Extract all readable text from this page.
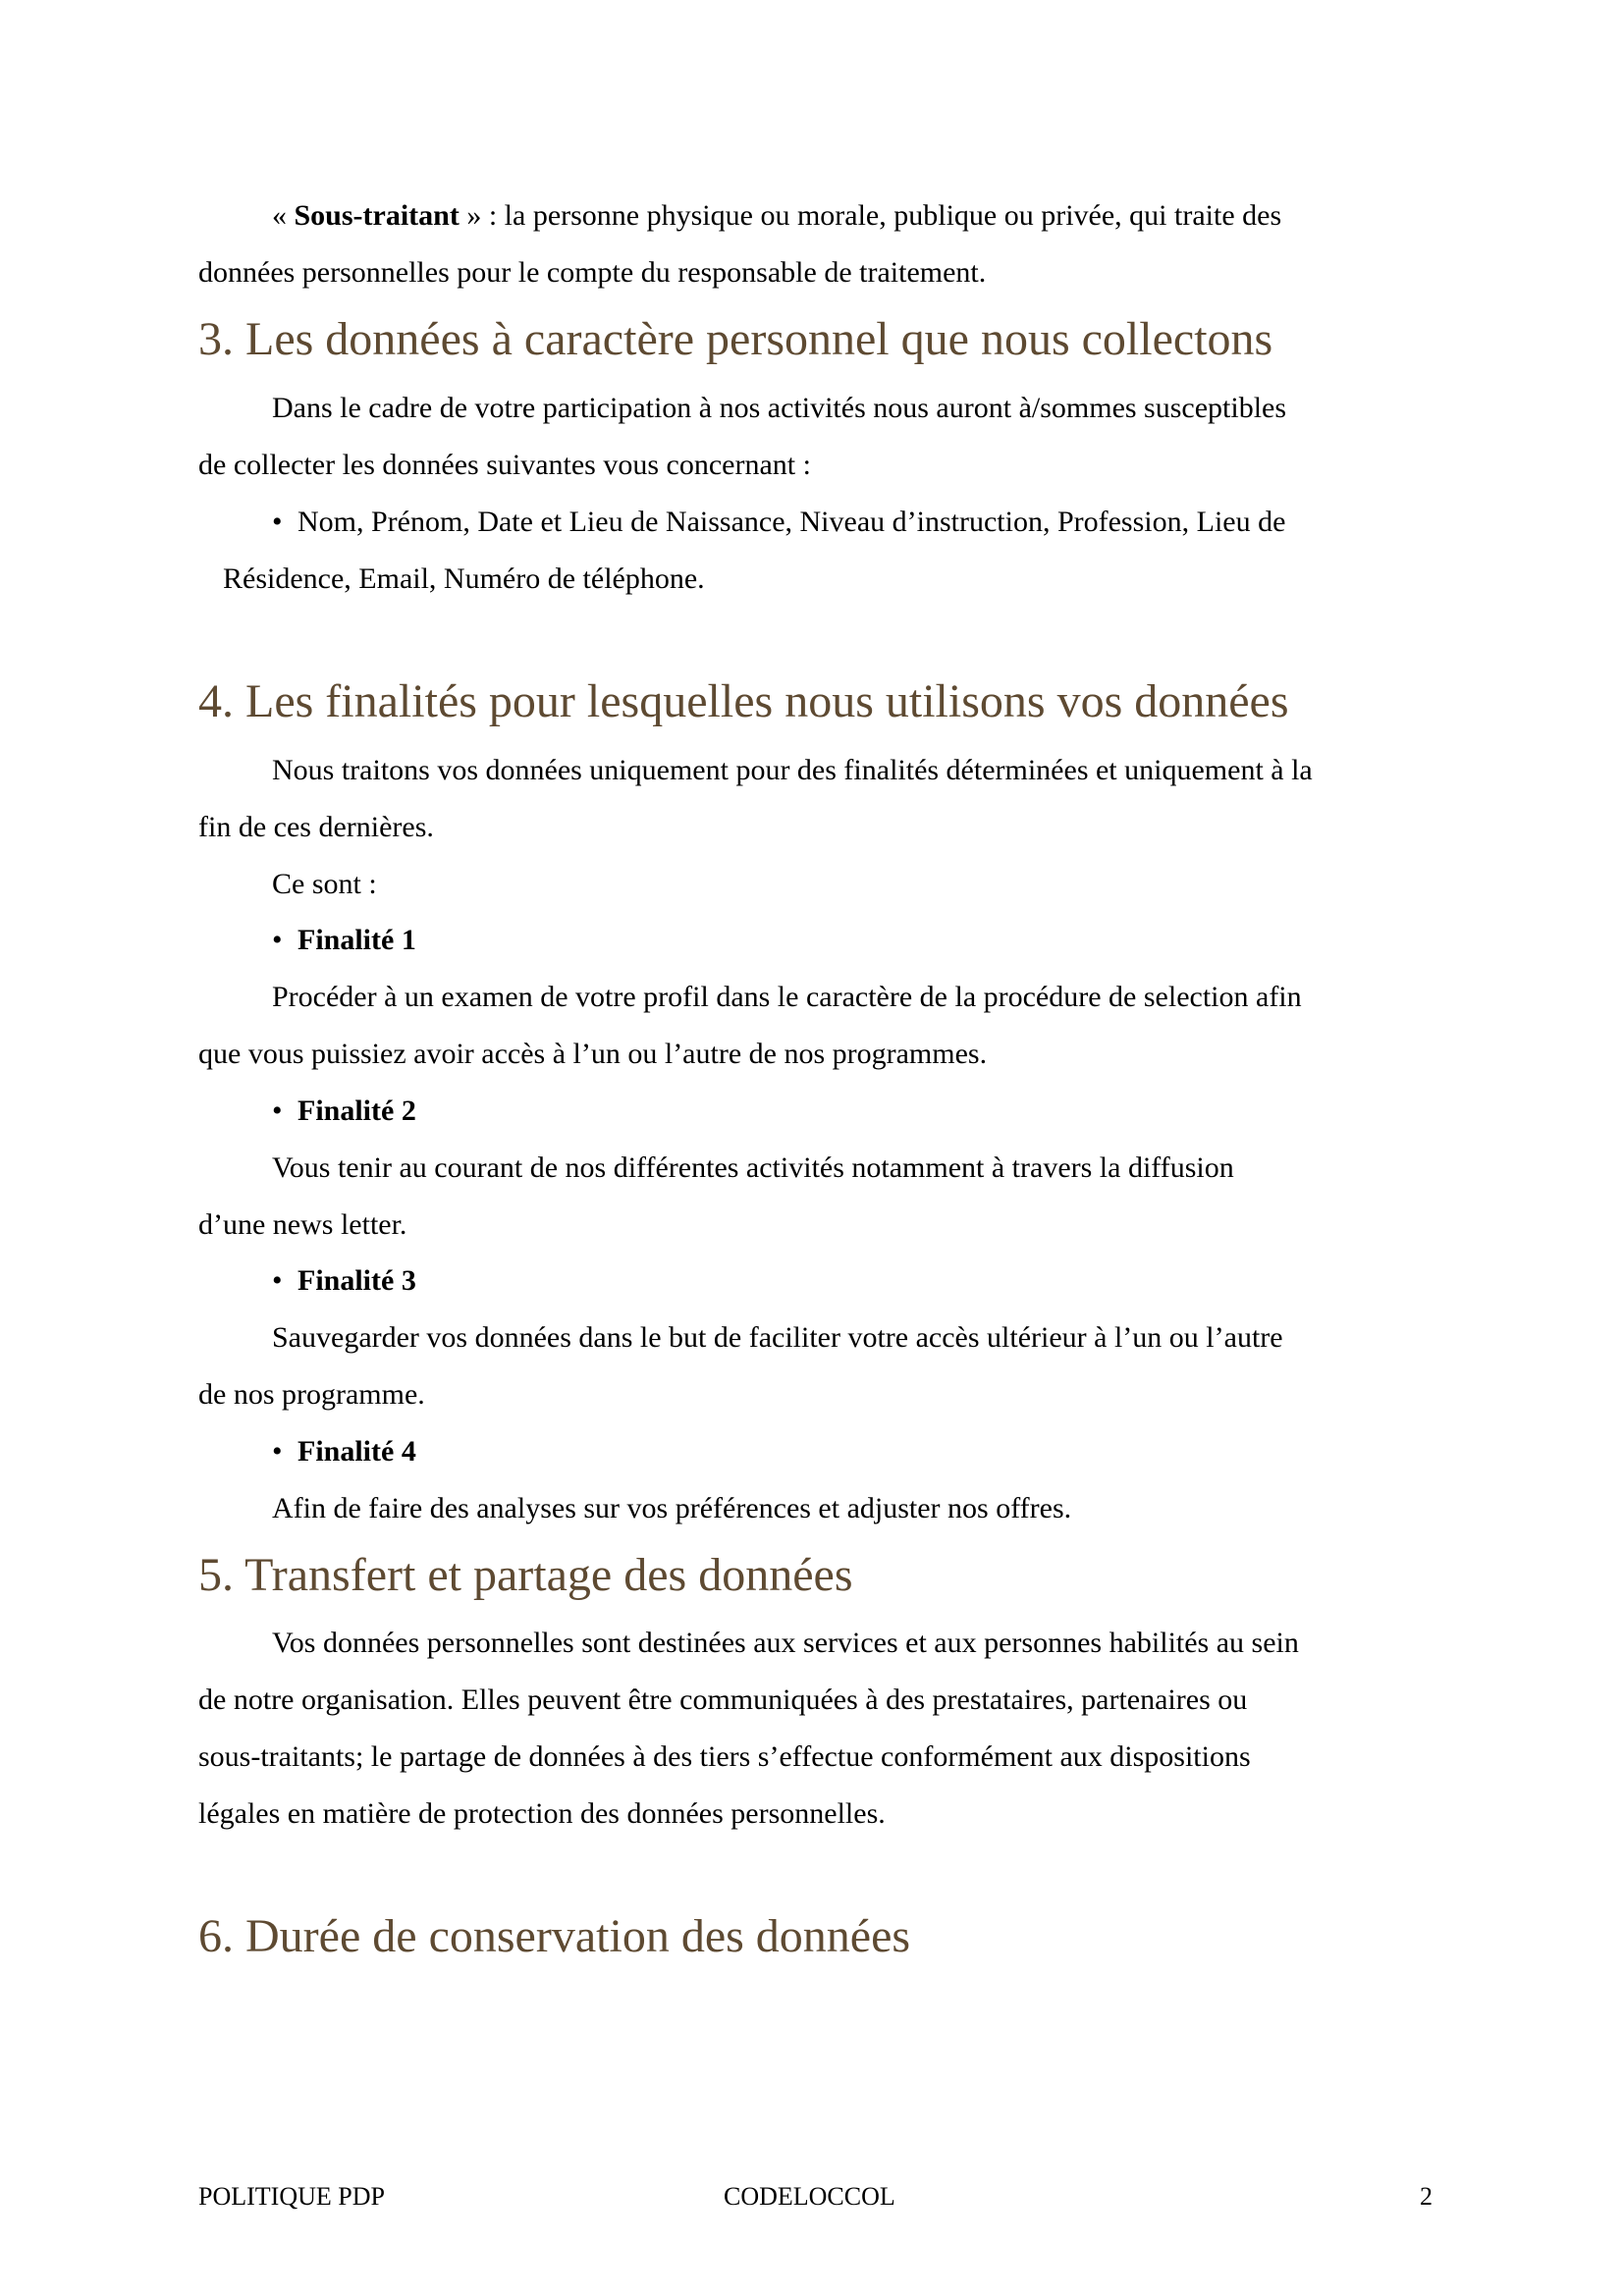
« Sous-traitant » : la personne physique ou morale, publique ou privée, qui traite des
données personnelles pour le compte du responsable de traitement.
3. Les données à caractère personnel que nous collectons
Dans le cadre de votre participation à nos activités nous auront à/sommes susceptibles
de collecter les données suivantes vous concernant :
• Nom, Prénom, Date et Lieu de Naissance, Niveau d’instruction, Profession, Lieu de
Résidence, Email, Numéro de téléphone.
4. Les finalités pour lesquelles nous utilisons vos données
Nous traitons vos données uniquement pour des finalités déterminées et uniquement à la
fin de ces dernières.
Ce sont :
• Finalité 1
Procéder à un examen de votre profil dans le caractère de la procédure de selection afin
que vous puissiez avoir accès à l’un ou l’autre de nos programmes.
• Finalité 2
Vous tenir au courant de nos différentes activités notamment à travers la diffusion
d’une news letter.
• Finalité 3
Sauvegarder vos données dans le but de faciliter votre accès ultérieur à l’un ou l’autre
de nos programme.
• Finalité 4
Afin de faire des analyses sur vos préférences et adjuster nos offres.
5. Transfert et partage des données
Vos données personnelles sont destinées aux services et aux personnes habilités au sein
de notre organisation. Elles peuvent être communiquées à des prestataires, partenaires ou
sous-traitants; le partage de données à des tiers s’effectue conformément aux dispositions
légales en matière de protection des données personnelles.
6. Durée de conservation des données
POLITIQUE PDP	CODELOCCOL	2
